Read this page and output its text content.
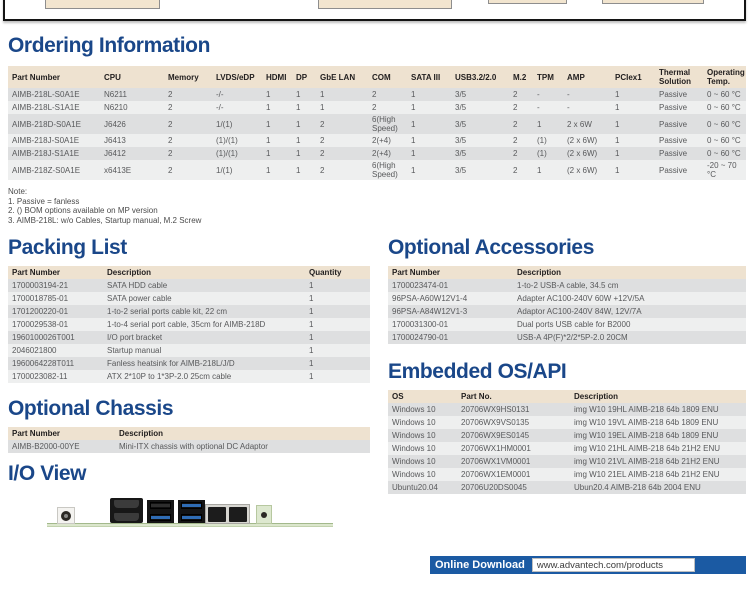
Ordering Information
Packing List
Optional Chassis
I/O View
Optional Accessories
Embedded OS/API
Part Number	CPU	Memory	LVDS/eDP	HDMI	DP	GbE LAN	COM	SATA III	USB3.2/2.0	M.2	TPM	AMP	PCIex1	Thermal Solution	Operating Temp.
AIMB-218L-S0A1E	N6211	2	-/-	1	1	1	2	1	3/5	2	-	-	1	Passive	0 ~ 60 °C
AIMB-218L-S1A1E	N6210	2	-/-	1	1	1	2	1	3/5	2	-	-	1	Passive	0 ~ 60 °C
AIMB-218D-S0A1E	J6426	2	1/(1)	1	1	2	6(High Speed)	1	3/5	2	1	2 x 6W	1	Passive	0 ~ 60 °C
AIMB-218J-S0A1E	J6413	2	(1)/(1)	1	1	2	2(+4)	1	3/5	2	(1)	(2 x 6W)	1	Passive	0 ~ 60 °C
AIMB-218J-S1A1E	J6412	2	(1)/(1)	1	1	2	2(+4)	1	3/5	2	(1)	(2 x 6W)	1	Passive	0 ~ 60 °C
AIMB-218Z-S0A1E	x6413E	2	1/(1)	1	1	2	6(High Speed)	1	3/5	2	1	(2 x 6W)	1	Passive	-20 ~ 70 °C
Note:
1. Passive = fanless
2. () BOM options available on MP version
3. AIMB-218L: w/o Cables, Startup manual, M.2 Screw
Part Number	Description	Quantity
1700003194-21	SATA HDD cable	1
1700018785-01	SATA power cable	1
1701200220-01	1-to-2 serial ports cable kit, 22 cm	1
1700029538-01	1-to-4 serial port cable, 35cm for AIMB-218D	1
1960100026T001	I/O port bracket	1
2046021800	Startup manual	1
1960064228T011	Fanless heatsink for AIMB-218L/J/D	1
1700023082-11	ATX 2*10P to 1*3P-2.0 25cm cable	1
Part Number	Description
1700023474-01	1-to-2 USB-A cable, 34.5 cm
96PSA-A60W12V1-4	Adapter AC100-240V 60W +12V/5A
96PSA-A84W12V1-3	Adaptor AC100-240V 84W, 12V/7A
1700031300-01	Dual ports USB cable for B2000
1700024790-01	USB-A 4P(F)*2/2*5P-2.0 20CM
OS	Part No.	Description
Windows 10	20706WX9HS0131	img W10 19HL AIMB-218 64b 1809 ENU
Windows 10	20706WX9VS0135	img W10 19VL AIMB-218 64b 1809 ENU
Windows 10	20706WX9ES0145	img W10 19EL AIMB-218 64b 1809 ENU
Windows 10	20706WX1HM0001	img W10 21HL AIMB-218 64b 21H2 ENU
Windows 10	20706WX1VM0001	img W10 21VL AIMB-218 64b 21H2 ENU
Windows 10	20706WX1EM0001	img W10 21EL AIMB-218 64b 21H2 ENU
Ubuntu20.04	20706U20DS0045	Ubun20.4 AIMB-218 64b 2004 ENU
Part Number	Description
AIMB-B2000-00YE	Mini-ITX chassis with optional DC Adaptor
Online Download	www.advantech.com/products
